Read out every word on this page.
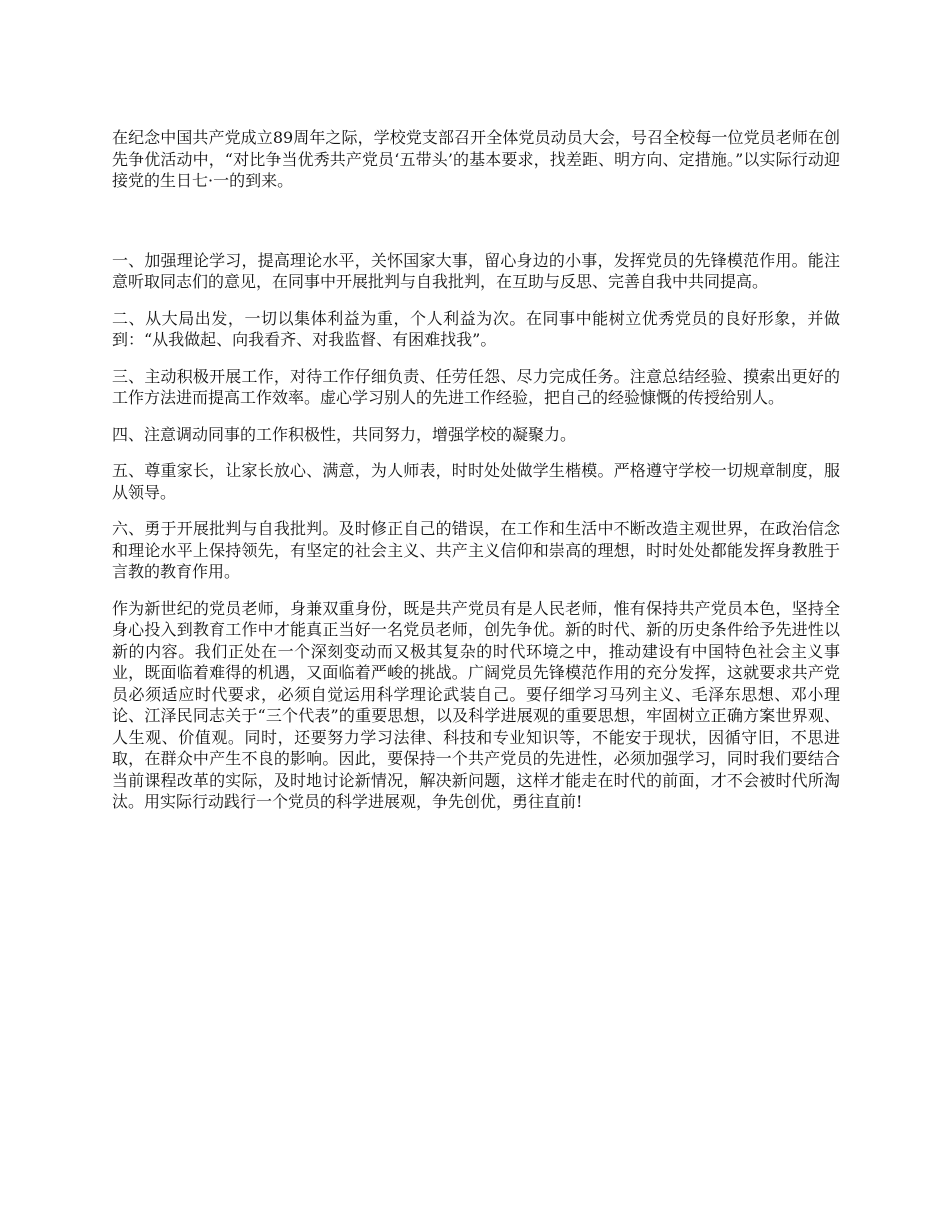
在纪念中国共产党成立89周年之际，学校党支部召开全体党员动员大会，号召全校每一位党员老师在创先争优活动中，“对比争当优秀共产党员‘五带头’的基本要求，找差距、明方向、定措施。”以实际行动迎接党的生日七·一的到来。

一、加强理论学习，提高理论水平，关怀国家大事，留心身边的小事，发挥党员的先锋模范作用。能注意听取同志们的意见，在同事中开展批判与自我批判，在互助与反思、完善自我中共同提高。

二、从大局出发，一切以集体利益为重，个人利益为次。在同事中能树立优秀党员的良好形象，并做到：“从我做起、向我看齐、对我监督、有困难找我”。

三、主动积极开展工作，对待工作仔细负责、任劳任怨、尽力完成任务。注意总结经验、摸索出更好的工作方法进而提高工作效率。虚心学习别人的先进工作经验，把自己的经验慷慨的传授给别人。

四、注意调动同事的工作积极性，共同努力，增强学校的凝聚力。

五、尊重家长，让家长放心、满意，为人师表，时时处处做学生楷模。严格遵守学校一切规章制度，服从领导。

六、勇于开展批判与自我批判。及时修正自己的错误，在工作和生活中不断改造主观世界，在政治信念和理论水平上保持领先，有坚定的社会主义、共产主义信仰和崇高的理想，时时处处都能发挥身教胜于言教的教育作用。

作为新世纪的党员老师，身兼双重身份，既是共产党员有是人民老师，惟有保持共产党员本色，坚持全身心投入到教育工作中才能真正当好一名党员老师，创先争优。新的时代、新的历史条件给予先进性以新的内容。我们正处在一个深刻变动而又极其复杂的时代环境之中，推动建设有中国特色社会主义事业，既面临着难得的机遇，又面临着严峻的挑战。广阔党员先锋模范作用的充分发挥，这就要求共产党员必须适应时代要求，必须自觉运用科学理论武装自己。要仔细学习马列主义、毛泽东思想、邓小理论、江泽民同志关于“三个代表”的重要思想，以及科学进展观的重要思想，牢固树立正确方案世界观、人生观、价值观。同时，还要努力学习法律、科技和专业知识等，不能安于现状，因循守旧，不思进取，在群众中产生不良的影响。因此，要保持一个共产党员的先进性，必须加强学习，同时我们要结合当前课程改革的实际，及时地讨论新情况，解决新问题，这样才能走在时代的前面，才不会被时代所淘汰。用实际行动践行一个党员的科学进展观，争先创优，勇往直前!
